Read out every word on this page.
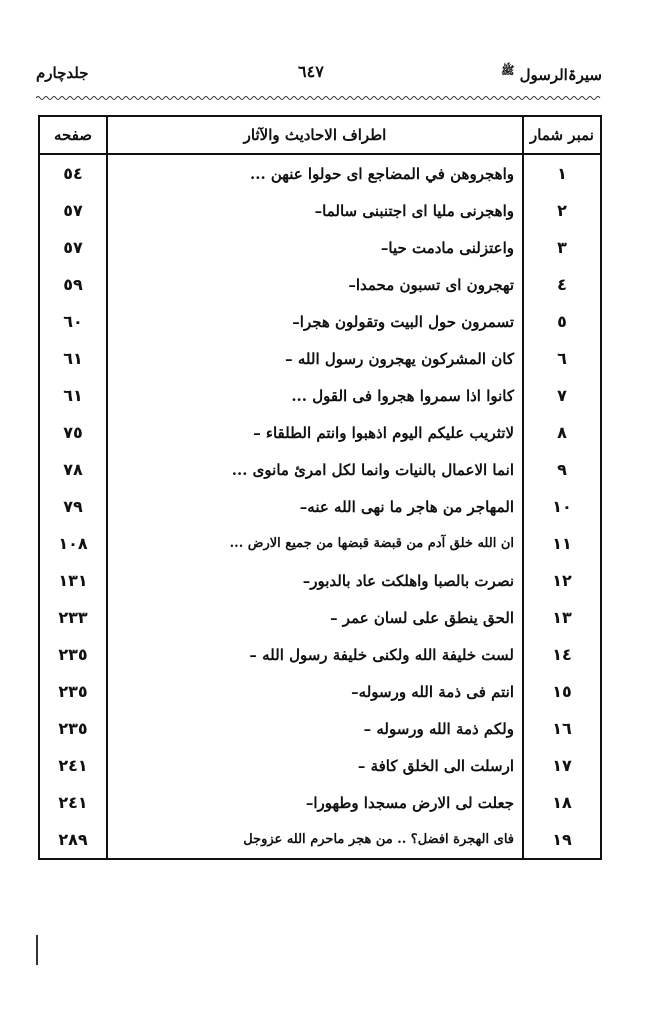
جلدچارم	٦٤٧	سیرۃالرسول $^ﷺ$
نمبر شمار	اطراف الاحاديث والآثار	صفحه
١	واهجروهن في المضاجع اى حولوا عنهن ...	٥٤
٢	واهجرنى مليا اى اجتنبنى سالما–	٥٧
٣	واعتزلنى مادمت حيا–	٥٧
٤	تهجرون اى تسبون محمدا–	٥٩
٥	تسمرون حول البيت وتقولون هجرا–	٦٠
٦	كان المشركون يهجرون رسول الله –	٦١
٧	كانوا اذا سمروا هجروا فى القول ...	٦١
٨	لاتثريب عليكم اليوم اذهبوا وانتم الطلقاء –	٧٥
٩	انما الاعمال بالنيات وانما لكل امرئ مانوى ...	٧٨
١٠	المهاجر من هاجر ما نهى الله عنه–	٧٩
١١	ان الله خلق آدم من قبضة قبضها من جميع الارض ...	١٠٨
١٢	نصرت بالصبا واهلكت عاد بالدبور–	١٣١
١٣	الحق ينطق على لسان عمر –	٢٣٣
١٤	لست خليفة الله ولكنى خليفة رسول الله –	٢٣٥
١٥	انتم فى ذمة الله ورسوله–	٢٣٥
١٦	ولكم ذمة الله ورسوله –	٢٣٥
١٧	ارسلت الى الخلق كافة –	٢٤١
١٨	جعلت لى الارض مسجدا وطهورا–	٢٤١
١٩	فاى الهجرة افضل؟ .. من هجر ماحرم الله عزوجل	٢٨٩
